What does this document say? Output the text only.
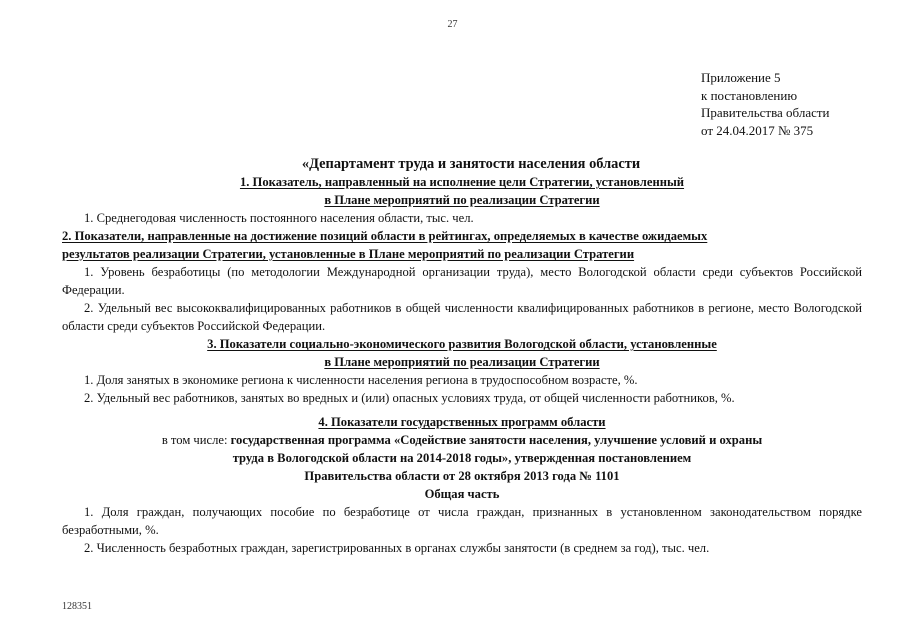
27
Приложение 5
к постановлению
Правительства области
от 24.04.2017 № 375
«Департамент труда и занятости населения области
1. Показатель, направленный на исполнение цели Стратегии, установленный
в Плане мероприятий по реализации Стратегии
1. Среднегодовая численность постоянного населения области, тыс. чел.
2. Показатели, направленные на достижение позиций области в рейтингах, определяемых в качестве ожидаемых
результатов реализации Стратегии, установленные в Плане мероприятий по реализации Стратегии
1. Уровень безработицы (по методологии Международной организации труда), место Вологодской области среди субъектов Российской Федерации.
2. Удельный вес высококвалифицированных работников в общей численности квалифицированных работников в регионе, место Вологодской области среди субъектов Российской Федерации.
3. Показатели социально-экономического развития Вологодской области, установленные
в Плане мероприятий по реализации Стратегии
1. Доля занятых в экономике региона к численности населения региона в трудоспособном возрасте, %.
2. Удельный вес работников, занятых во вредных и (или) опасных условиях труда, от общей численности работников, %.
4. Показатели государственных программ области
в том числе: государственная программа «Содействие занятости населения, улучшение условий и охраны
труда в Вологодской области на 2014-2018 годы», утвержденная постановлением
Правительства области от 28 октября 2013 года № 1101
Общая часть
1. Доля граждан, получающих пособие по безработице от числа граждан, признанных в установленном законодательством порядке безработными, %.
2. Численность безработных граждан, зарегистрированных в органах службы занятости (в среднем за год), тыс. чел.
128351
